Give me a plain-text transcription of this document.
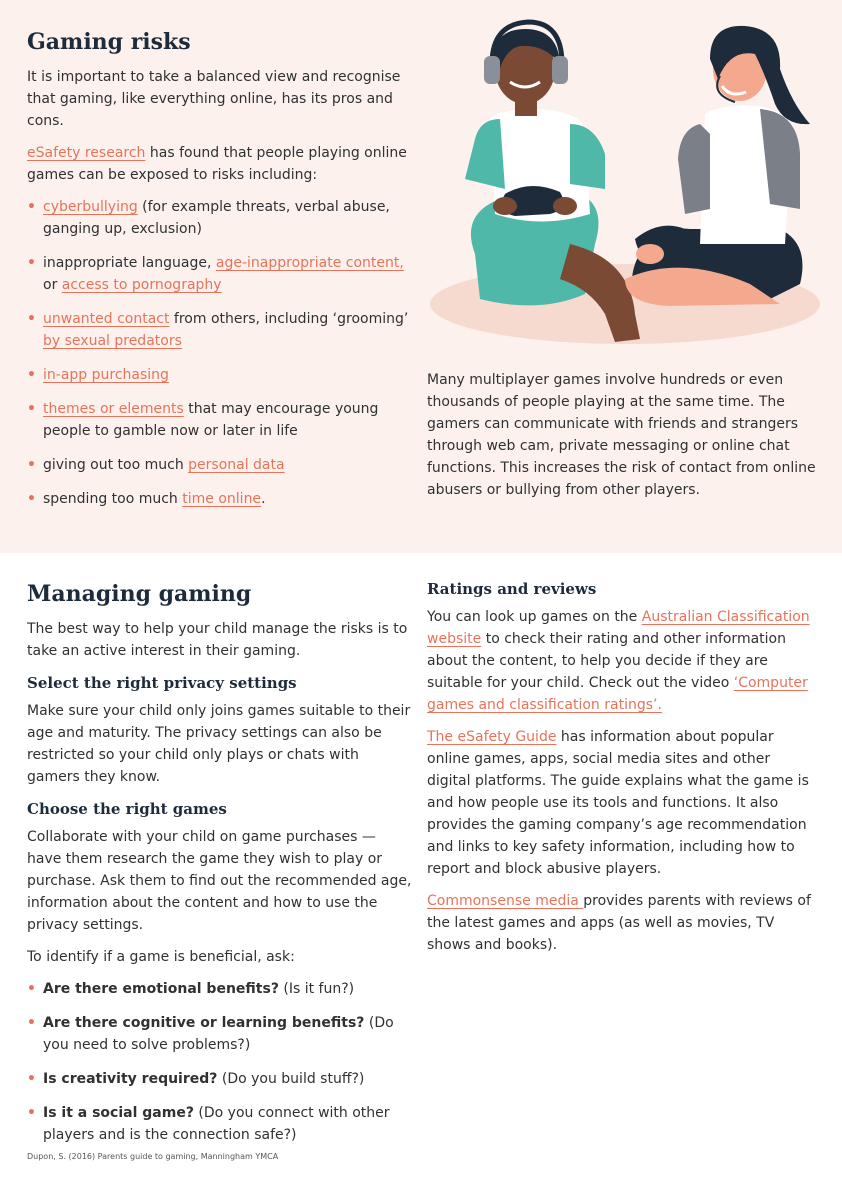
Gaming risks

It is important to take a balanced view and recognise that gaming, like everything online, has its pros and cons.

eSafety research has found that people playing online games can be exposed to risks including:

• cyberbullying (for example threats, verbal abuse, ganging up, exclusion)
• inappropriate language, age-inappropriate content, or access to pornography
• unwanted contact from others, including ‘grooming’ by sexual predators
• in-app purchasing
• themes or elements that may encourage young people to gamble now or later in life
• giving out too much personal data
• spending too much time online.

Many multiplayer games involve hundreds or even thousands of people playing at the same time. The gamers can communicate with friends and strangers through web cam, private messaging or online chat functions. This increases the risk of contact from online abusers or bullying from other players.

Managing gaming

The best way to help your child manage the risks is to take an active interest in their gaming.

Select the right privacy settings

Make sure your child only joins games suitable to their age and maturity. The privacy settings can also be restricted so your child only plays or chats with gamers they know.

Choose the right games

Collaborate with your child on game purchases — have them research the game they wish to play or purchase. Ask them to find out the recommended age, information about the content and how to use the privacy settings.

To identify if a game is beneficial, ask:

• Are there emotional benefits? (Is it fun?)
• Are there cognitive or learning benefits? (Do you need to solve problems?)
• Is creativity required? (Do you build stuff?)
• Is it a social game? (Do you connect with other players and is the connection safe?)
Dupon, S. (2016) Parents guide to gaming, Manningham YMCA
Ratings and reviews

You can look up games on the Australian Classification website to check their rating and other information about the content, to help you decide if they are suitable for your child. Check out the video ‘Computer games and classification ratings’.

The eSafety Guide has information about popular online games, apps, social media sites and other digital platforms. The guide explains what the game is and how people use its tools and functions. It also provides the gaming company’s age recommendation and links to key safety information, including how to report and block abusive players.

Commonsense media provides parents with reviews of the latest games and apps (as well as movies, TV shows and books).
